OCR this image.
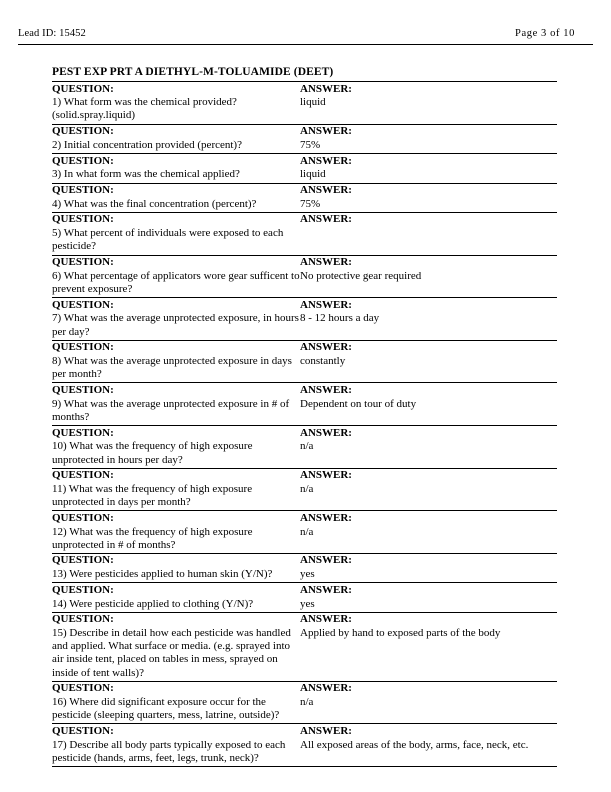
Lead ID: 15452	Page 3 of 10
PEST EXP PRT A DIETHYL-M-TOLUAMIDE (DEET)
QUESTION:	ANSWER:
1) What form was the chemical provided?(solid.spray.liquid)	liquid
QUESTION:	ANSWER:
2) Initial concentration provided (percent)?	75%
QUESTION:	ANSWER:
3) In what form was the chemical applied?	liquid
QUESTION:	ANSWER:
4) What was the final concentration (percent)?	75%
QUESTION:	ANSWER:
5) What percent of individuals were exposed to each pesticide?	
QUESTION:	ANSWER:
6) What percentage of applicators wore gear sufficent to prevent exposure?	No protective gear required
QUESTION:	ANSWER:
7) What was the average unprotected exposure, in hours per day?	8 - 12 hours a day
QUESTION:	ANSWER:
8) What was the average unprotected exposure in days per month?	constantly
QUESTION:	ANSWER:
9) What was the average unprotected exposure in # of months?	Dependent on tour of duty
QUESTION:	ANSWER:
10) What was the frequency of high exposure unprotected in hours per day?	n/a
QUESTION:	ANSWER:
11) What was the frequency of high exposure unprotected in days per month?	n/a
QUESTION:	ANSWER:
12) What was the frequency of high exposure unprotected in # of months?	n/a
QUESTION:	ANSWER:
13) Were pesticides applied to human skin (Y/N)?	yes
QUESTION:	ANSWER:
14) Were pesticide applied to clothing (Y/N)?	yes
QUESTION:	ANSWER:
15) Describe in detail how each pesticide was handled and applied. What surface or media. (e.g. sprayed into air inside tent, placed on tables in mess, sprayed on inside of tent walls)?	Applied by hand to exposed parts of the body
QUESTION:	ANSWER:
16) Where did significant exposure occur for the pesticide (sleeping quarters, mess, latrine, outside)?	n/a
QUESTION:	ANSWER:
17) Describe all body parts typically exposed to each pesticide (hands, arms, feet, legs, trunk, neck)?	All exposed areas of the body, arms, face, neck, etc.
